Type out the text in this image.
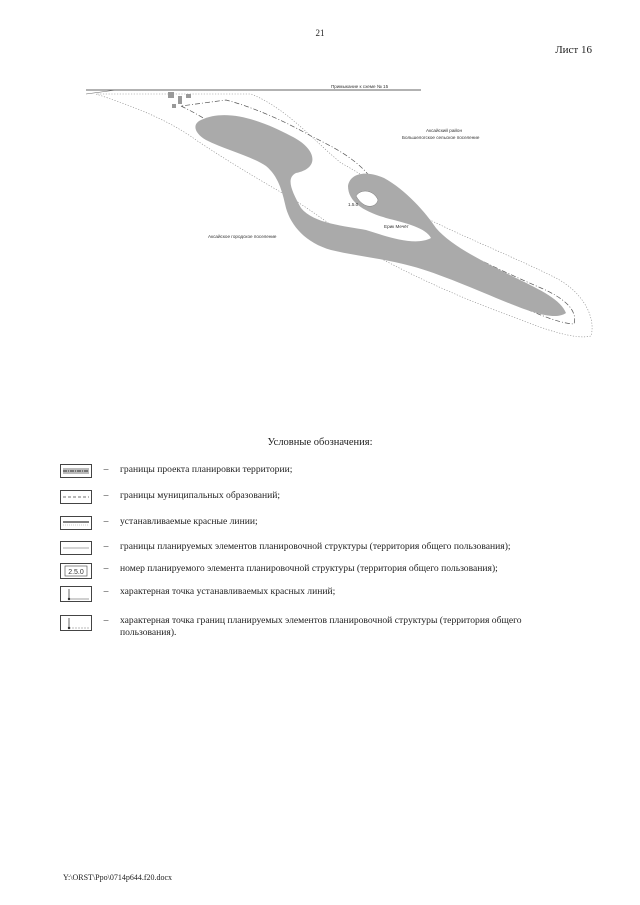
21
Лист 16
Примыкание к схеме № 15
Аксайский район
Большелогское сельское поселение
Аксайское городское поселение
Ерик Мечёт
1.5.0
Условные обозначения:
–	границы проекта планировки территории;
–	границы муниципальных образований;
–	устанавливаемые красные линии;
–	границы планируемых элементов планировочной структуры (территория общего пользования);
2.5.0	–	номер планируемого элемента планировочной структуры (территория общего пользования);
–	характерная точка устанавливаемых красных линий;
–	характерная точка границ планируемых элементов планировочной структуры (территория общего пользования).
Y:\ORST\Ppo\0714p644.f20.docx
